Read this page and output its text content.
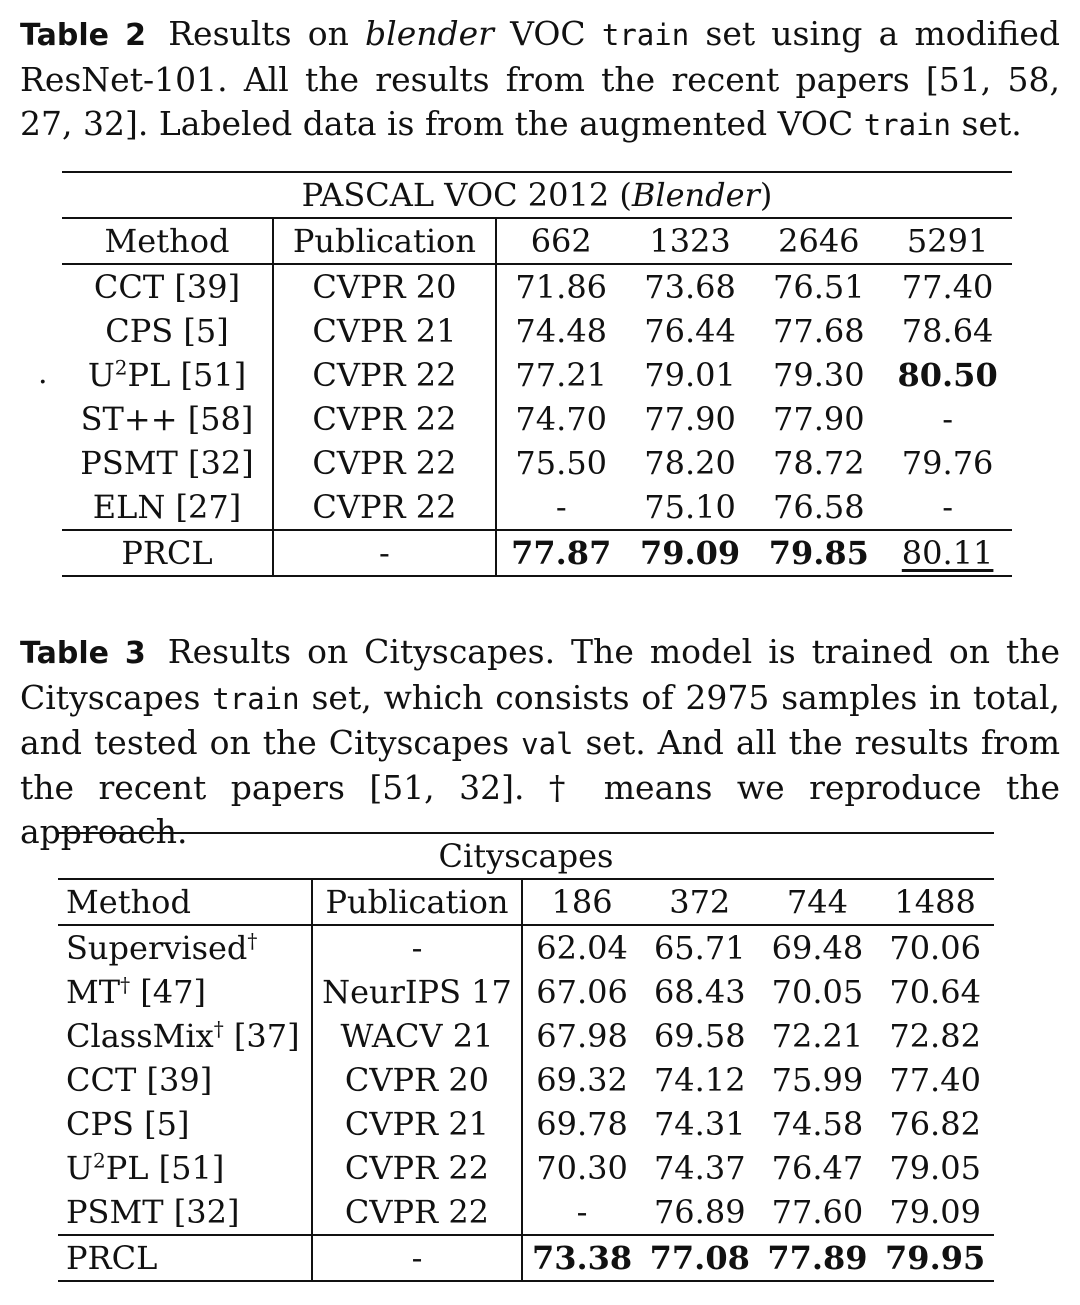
Table 2 Results on blender VOC train set using a modified ResNet-101. All the results from the recent papers [51, 58, 27, 32]. Labeled data is from the augmented VOC train set.
.
PASCAL VOC 2012 (Blender)					
Method	Publication	662	1323	2646	5291
CCT [39]	CVPR 20	71.86	73.68	76.51	77.40
CPS [5]	CVPR 21	74.48	76.44	77.68	78.64
$U^2PL$ [51]	CVPR 22	77.21	79.01	79.30	80.50
ST++ [58]	CVPR 22	74.70	77.90	77.90	-
PSMT [32]	CVPR 22	75.50	78.20	78.72	79.76
ELN [27]	CVPR 22	-	75.10	76.58	-
PRCL	-	77.87	79.09	79.85	80.11
Table 3 Results on Cityscapes. The model is trained on the Cityscapes train set, which consists of 2975 samples in total, and tested on the Cityscapes val set. And all the results from the recent papers [51, 32]. † means we reproduce the approach.
Cityscapes					
Method	Publication	186	372	744	1488
Supervised†	-	62.04	65.71	69.48	70.06
MT† [47]	NeurIPS 17	67.06	68.43	70.05	70.64
ClassMix† [37]	WACV 21	67.98	69.58	72.21	72.82
CCT [39]	CVPR 20	69.32	74.12	75.99	77.40
CPS [5]	CVPR 21	69.78	74.31	74.58	76.82
$U^2PL$ [51]	CVPR 22	70.30	74.37	76.47	79.05
PSMT [32]	CVPR 22	-	76.89	77.60	79.09
PRCL	-	73.38	77.08	77.89	79.95
